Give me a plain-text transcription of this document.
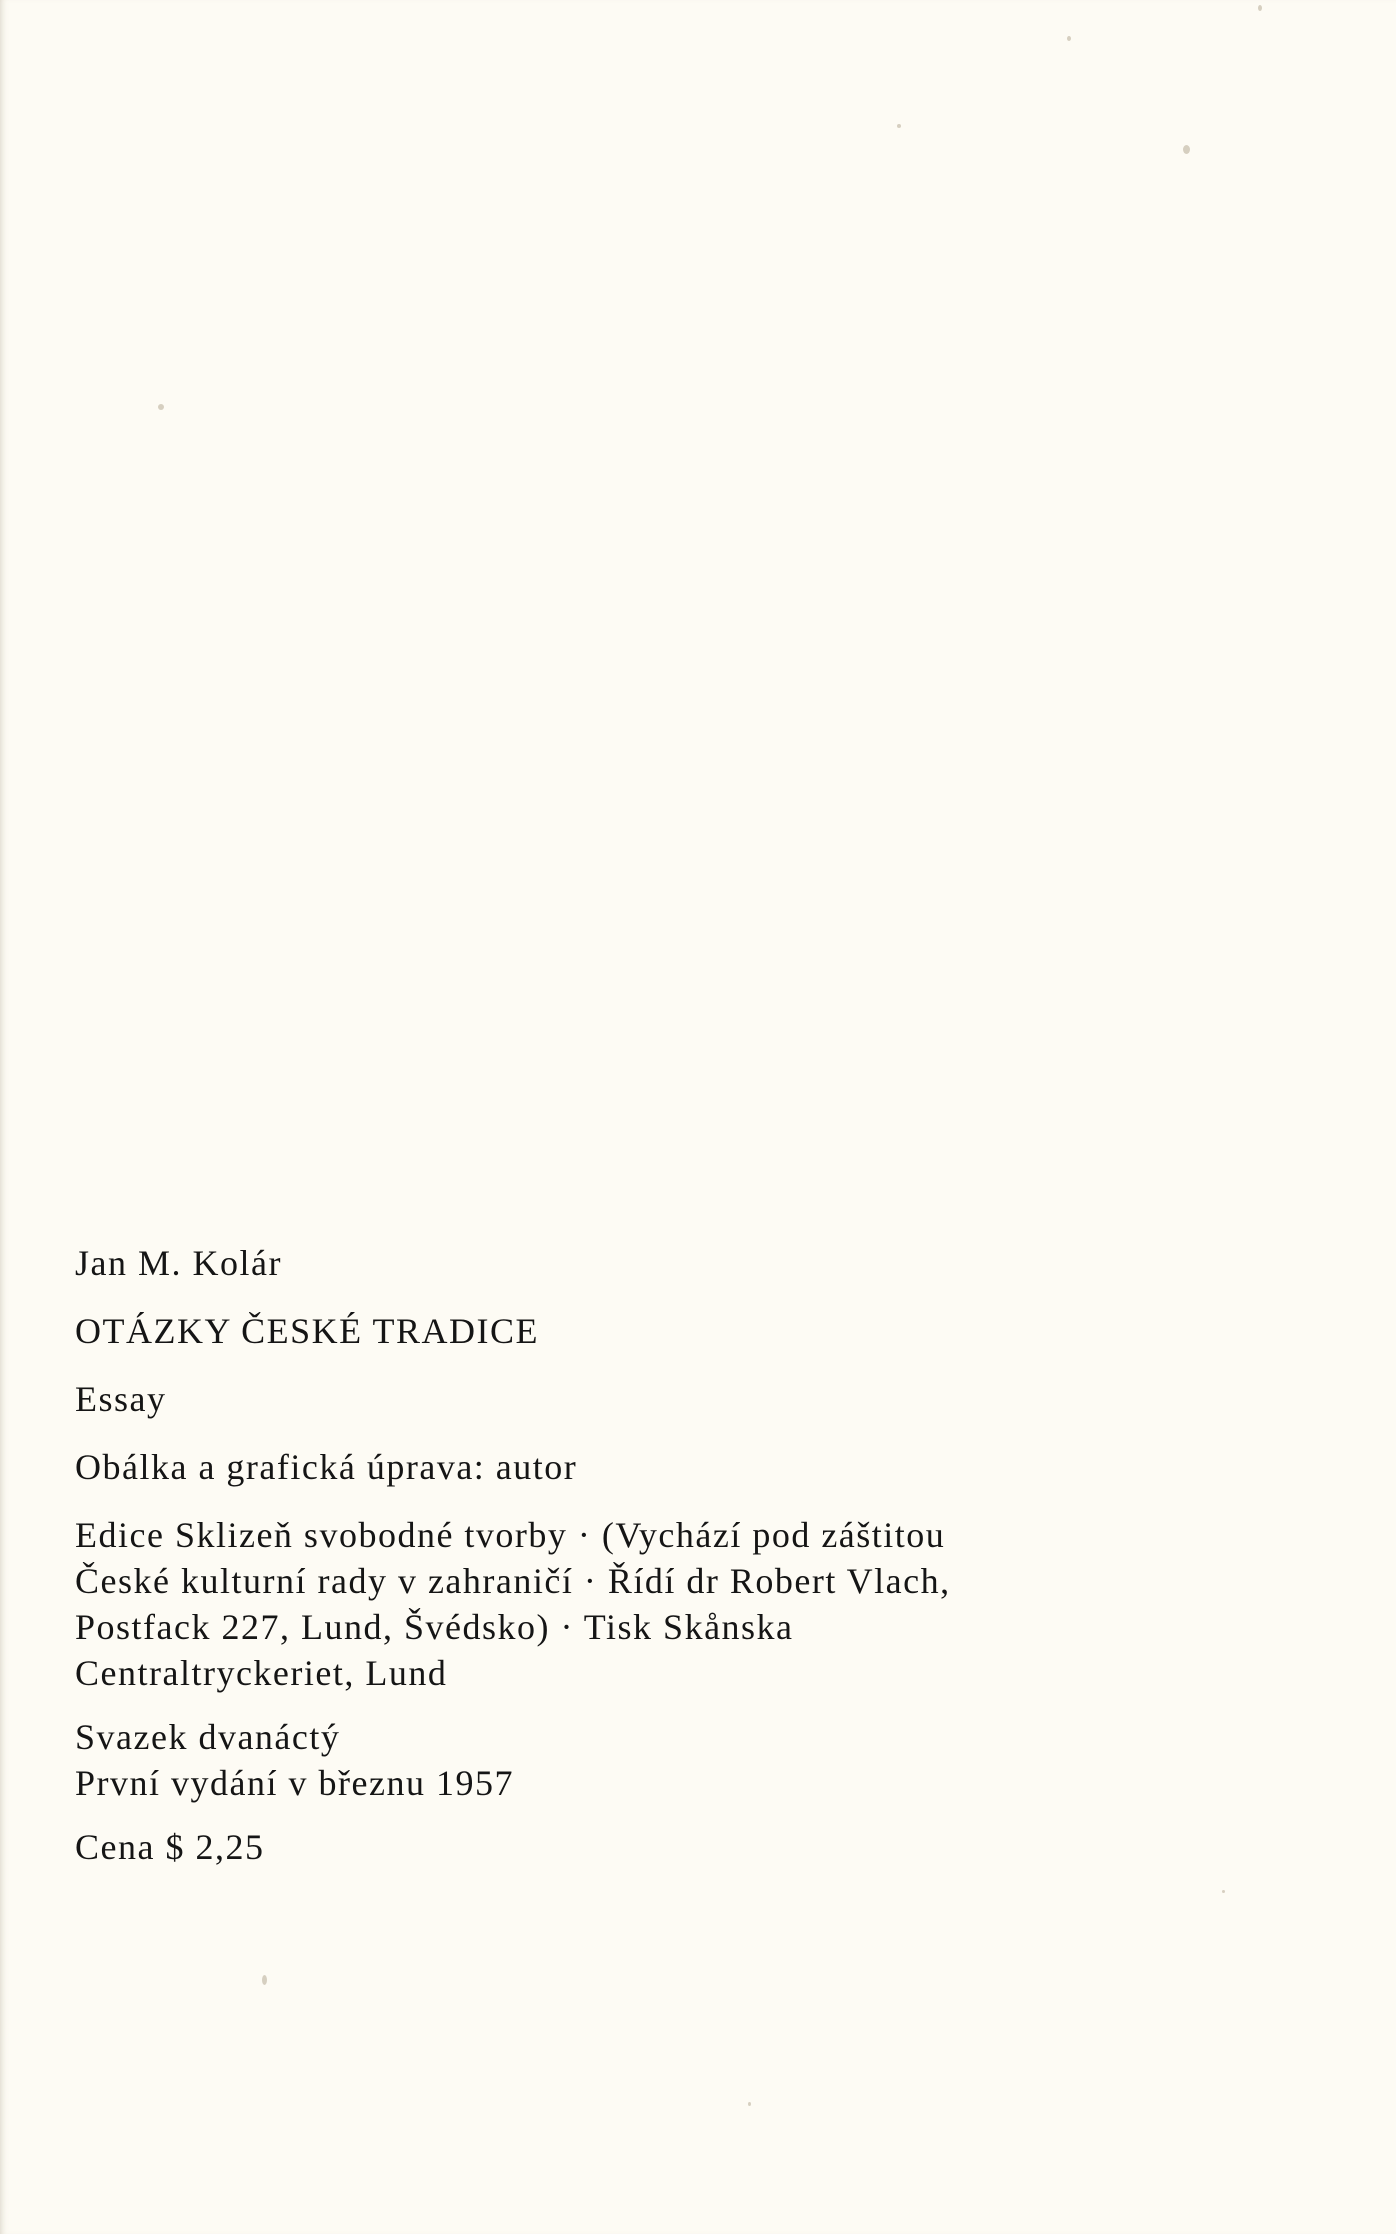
Jan M. Kolár
OTÁZKY ČESKÉ TRADICE
Essay
Obálka a grafická úprava: autor
Edice Sklizeň svobodné tvorby · (Vychází pod záštitou
České kulturní rady v zahraničí · Řídí dr Robert Vlach,
Postfack 227, Lund, Švédsko) · Tisk Skånska
Centraltryckeriet, Lund
Svazek dvanáctý
První vydání v březnu 1957
Cena $ 2,25
